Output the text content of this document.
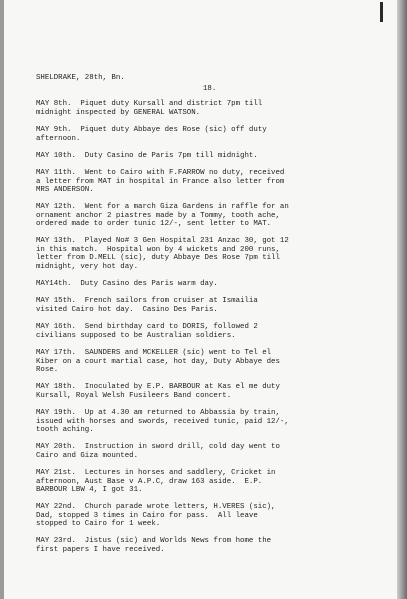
SHELDRAKE, 28th, Bn.
18.
MAY 8th.  Piquet duty Kursall and district 7pm till
midnight inspected by GENERAL WATSON.
MAY 9th.  Piquet duty Abbaye des Rose (sic) off duty
afternoon.
MAY 10th.  Duty Casino de Paris 7pm till midnight.
MAY 11th.  Went to Cairo with F.FARROW no duty, received
a letter from MAT in hospital in France also letter from
MRS ANDERSON.
MAY 12th.  Went for a march Giza Gardens in raffle for an
ornament anchor 2 piastres made by a Tommy, tooth ache,
ordered made to order tunic 12/-, sent letter to MAT.
MAY 13th.  Played No# 3 Gen Hospital 231 Anzac 30, got 12
in this match.  Hospital won by 4 wickets and 200 runs,
letter from D.MELL (sic), duty Abbaye Des Rose 7pm till
midnight, very hot day.
MAY14th.  Duty Casino des Paris warm day.
MAY 15th.  French sailors from cruiser at Ismailia
visited Cairo hot day.  Casino Des Paris.
MAY 16th.  Send birthday card to DORIS, followed 2
civilians supposed to be Australian soldiers.
MAY 17th.  SAUNDERS and MCKELLER (sic) went to Tel el
Kiber on a court martial case, hot day, Duty Abbaye des
Rose.
MAY 18th.  Inoculated by E.P. BARBOUR at Kas el me duty
Kursall, Royal Welsh Fusileers Band concert.
MAY 19th.  Up at 4.30 am returned to Abbassia by train,
issued with horses and swords, received tunic, paid 12/-,
tooth aching.
MAY 20th.  Instruction in sword drill, cold day went to
Cairo and Giza mounted.
MAY 21st.  Lectures in horses and saddlery, Cricket in
afternoon, Aust Base v A.P.C, draw 163 aside.  E.P.
BARBOUR LBW 4, I got 31.
MAY 22nd.  Church parade wrote letters, H.VERES (sic),
Dad, stopped 3 times in Cairo for pass.  All leave
stopped to Cairo for 1 week.
MAY 23rd.  Jistus (sic) and Worlds News from home the
first papers I have received.
